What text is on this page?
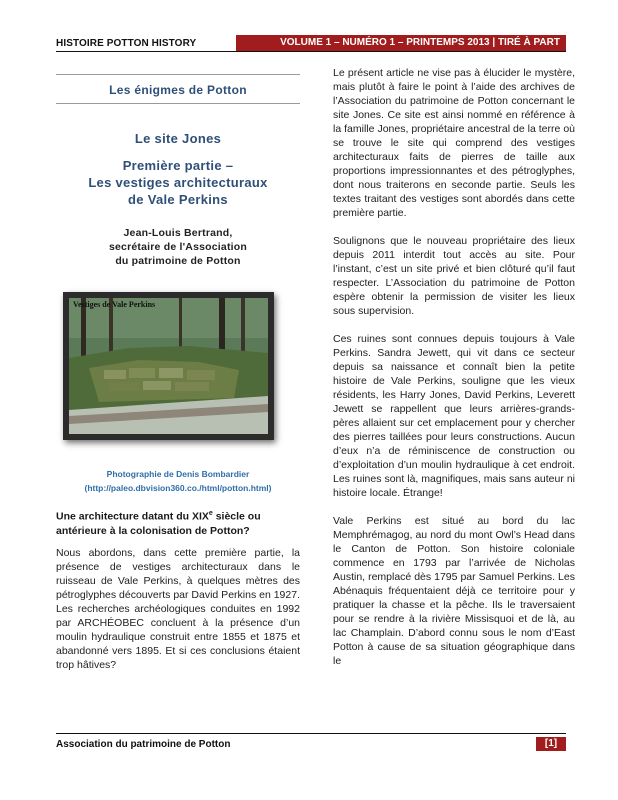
HISTOIRE POTTON HISTORY	VOLUME 1 – NUMÉRO 1 – PRINTEMPS 2013 | TIRÉ À PART
Les énigmes de Potton
Le site Jones
Première partie –
Les vestiges architecturaux
de Vale Perkins
Jean-Louis Bertrand,
secrétaire de l'Association
du patrimoine de Potton
Vestiges de Vale Perkins
Photographie de Denis Bombardier
(http://paleo.dbvision360.co./html/potton.html)
Une architecture datant du XIXe siècle ou antérieure à la colonisation de Potton?
Nous abordons, dans cette première partie, la présence de vestiges architecturaux dans le ruisseau de Vale Perkins, à quelques mètres des pétroglyphes découverts par David Perkins en 1927. Les recherches archéologiques conduites en 1992 par ARCHÉOBEC concluent à la présence d’un moulin hydraulique construit entre 1855 et 1875 et abandonné vers 1895. Et si ces conclusions étaient trop hâtives?

Le présent article ne vise pas à élucider le mystère, mais plutôt à faire le point à l’aide des archives de l’Association du patrimoine de Potton concernant le site Jones. Ce site est ainsi nommé en référence à la famille Jones, propriétaire ancestral de la terre où se trouve le site qui comprend des vestiges architecturaux faits de pierres de taille aux proportions impressionnantes et des pétroglyphes, dont nous traiterons en seconde partie. Seuls les textes traitant des vestiges sont abordés dans cette première partie.

Soulignons que le nouveau propriétaire des lieux depuis 2011 interdit tout accès au site. Pour l’instant, c’est un site privé et bien clôturé qu’il faut respecter. L’Association du patrimoine de Potton espère obtenir la permission de visiter les lieux sous supervision.

Ces ruines sont connues depuis toujours à Vale Perkins. Sandra Jewett, qui vit dans ce secteur depuis sa naissance et connaît bien la petite histoire de Vale Perkins, souligne que les vieux résidents, les Harry Jones, David Perkins, Leverett Jewett se rappellent que leurs arrières-grands-pères allaient sur cet emplacement pour y chercher des pierres taillées pour leurs constructions. Aucun d’eux n’a de réminiscence de construction ou d’exploitation d’un moulin hydraulique à cet endroit. Les ruines sont là, magnifiques, mais sans auteur ni histoire locale. Étrange!

Vale Perkins est situé au bord du lac Memphrémagog, au nord du mont Owl’s Head dans le Canton de Potton. Son histoire coloniale commence en 1793 par l’arrivée de Nicholas Austin, remplacé dès 1795 par Samuel Perkins. Les Abénaquis fréquentaient déjà ce territoire pour y pratiquer la chasse et la pêche. Ils le traversaient pour se rendre à la rivière Missisquoi et de là, au lac Champlain. D’abord connu sous le nom d’East Potton à cause de sa situation géographique dans le

Association du patrimoine de Potton	[1]
